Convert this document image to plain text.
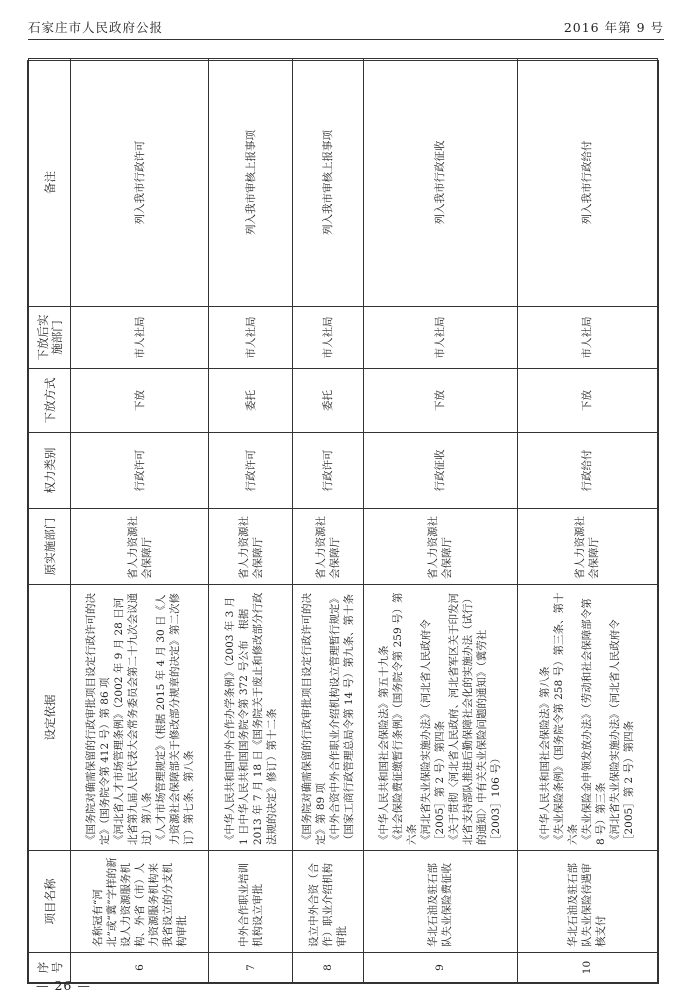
石家庄市人民政府公报	2016 年第 9 号
序号	项目名称	设定依据	原实施部门	权力类别	下放方式	下放后实施部门	备注
6	名称冠有“河北”或“冀”字样的新设人力资源服务机构、外省（市）人力资源服务机构来我省设立的分支机构审批	《国务院对确需保留的行政审批项目设定行政许可的决定》（国务院令第 412 号）第 86 项 《河北省人才市场管理条例》（2002 年 9 月 28 日河北省第九届人民代表大会常务委员会第二十九次会议通过）第八条 《人才市场管理规定》（根据 2015 年 4 月 30 日《人力资源社会保障部关于修改部分规章的决定》第二次修订）第七条、第八条	省人力资源社会保障厅	行政许可	下放	市人社局	列入我市行政许可
7	中外合作职业培训机构设立审批	《中华人民共和国中外合作办学条例》（2003 年 3 月 1 日中华人民共和国国务院令第 372 号公布　根据 2013 年 7 月 18 日《国务院关于废止和修改部分行政法规的决定》修订）第十二条	省人力资源社会保障厅	行政许可	委托	市人社局	列入我市审核上报事项
8	设立中外合资（合作）职业介绍机构审批	《国务院对确需保留的行政审批项目设定行政许可的决定》第 89 项 《中外合资中外合作职业介绍机构设立管理暂行规定》（国家工商行政管理总局令第 14 号）第九条、第十条	省人力资源社会保障厅	行政许可	委托	市人社局	列入我市审核上报事项
9	华北石油及驻石部队失业保险费征收	《中华人民共和国社会保险法》第五十九条 《社会保险费征缴暂行条例》（国务院令第 259 号）第六条 《河北省失业保险实施办法》（河北省人民政府令［2005］第 2 号）第四条 《关于贯彻〈河北省人民政府、河北省军区关于印发河北省支持部队推进后勤保障社会化的实施办法（试行）的通知〉中有关失业保险问题的通知》（冀劳社［2003］106 号）	省人力资源社会保障厅	行政征收	下放	市人社局	列入我市行政征收
10	华北石油及驻石部队失业保险待遇审核支付	《中华人民共和国社会保险法》第八条 《失业保险条例》（国务院令第 258 号）第三条、第十六条 《失业保险金申领发放办法》（劳动和社会保障部令第 8 号）第三条 《河北省失业保险实施办法》（河北省人民政府令［2005］第 2 号）第四条	省人力资源社会保障厅	行政给付	下放	市人社局	列入我市行政给付
— 26 —
